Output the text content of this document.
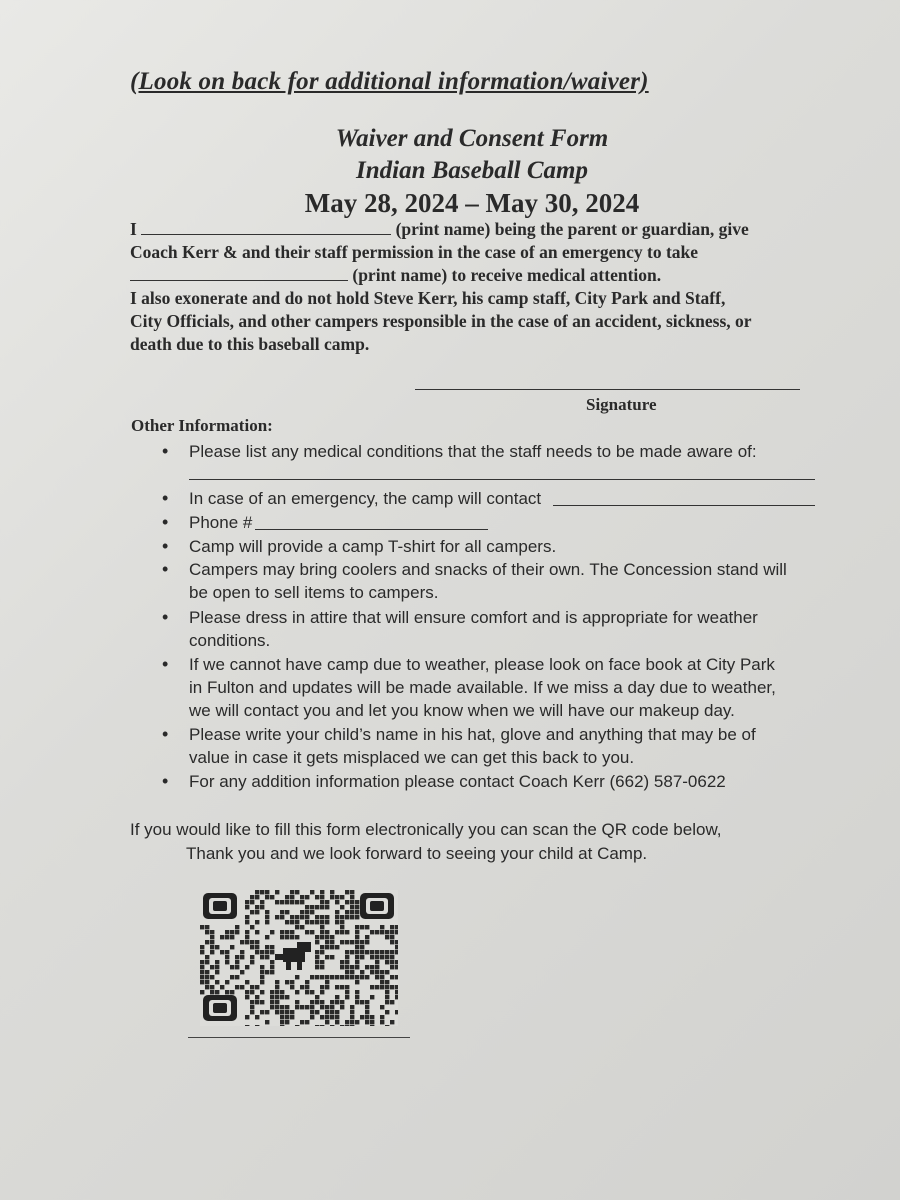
(Look on back for additional information/waiver)
Waiver and Consent Form
Indian Baseball Camp
May 28, 2024 – May 30, 2024
I	(print name) being the parent or guardian, give
Coach Kerr & and their staff permission in the case of an emergency to take
(print name) to receive medical attention.
I also exonerate and do not hold Steve Kerr, his camp staff, City Park and Staff,
City Officials, and other campers responsible in the case of an accident, sickness, or
death due to this baseball camp.
Signature
Other Information:
• Please list any medical conditions that the staff needs to be made aware of:
• In case of an emergency, the camp will contact
• Phone #
• Camp will provide a camp T-shirt for all campers.
• Campers may bring coolers and snacks of their own. The Concession stand will
be open to sell items to campers.
• Please dress in attire that will ensure comfort and is appropriate for weather
conditions.
• If we cannot have camp due to weather, please look on face book at City Park
in Fulton and updates will be made available. If we miss a day due to weather,
we will contact you and let you know when we will have our makeup day.
• Please write your child’s name in his hat, glove and anything that may be of
value in case it gets misplaced we can get this back to you.
• For any addition information please contact Coach Kerr (662) 587-0622
If you would like to fill this form electronically you can scan the QR code below,
Thank you and we look forward to seeing your child at Camp.
